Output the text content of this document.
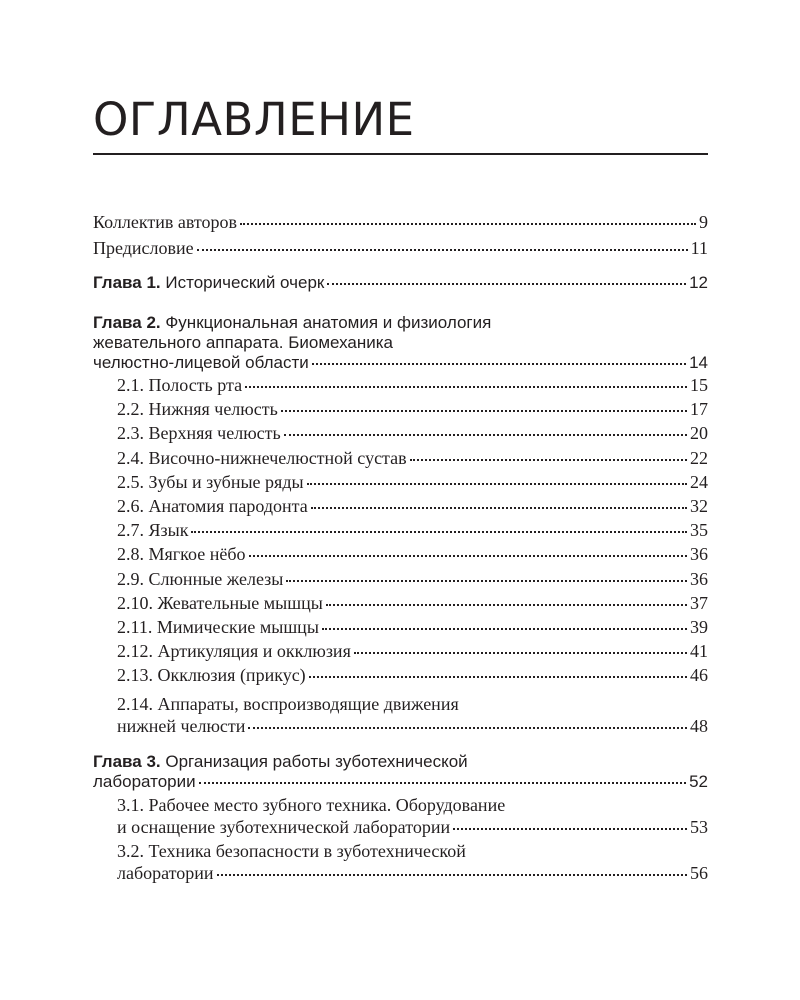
ОГЛАВЛЕНИЕ
Коллектив авторов	9
Предисловие	11
Глава 1. Исторический очерк	12
Глава 2. Функциональная анатомия и физиология
жевательного аппарата. Биомеханика
челюстно-лицевой области	14
2.1. Полость рта	15
2.2. Нижняя челюсть	17
2.3. Верхняя челюсть	20
2.4. Височно-нижнечелюстной сустав	22
2.5. Зубы и зубные ряды	24
2.6. Анатомия пародонта	32
2.7. Язык	35
2.8. Мягкое нёбо	36
2.9. Слюнные железы	36
2.10. Жевательные мышцы	37
2.11. Мимические мышцы	39
2.12. Артикуляция и окклюзия	41
2.13. Окклюзия (прикус)	46
2.14. Аппараты, воспроизводящие движения
нижней челюсти	48
Глава 3. Организация работы зуботехнической
лаборатории	52
3.1. Рабочее место зубного техника. Оборудование
и оснащение зуботехнической лаборатории	53
3.2. Техника безопасности в зуботехнической
лаборатории	56
